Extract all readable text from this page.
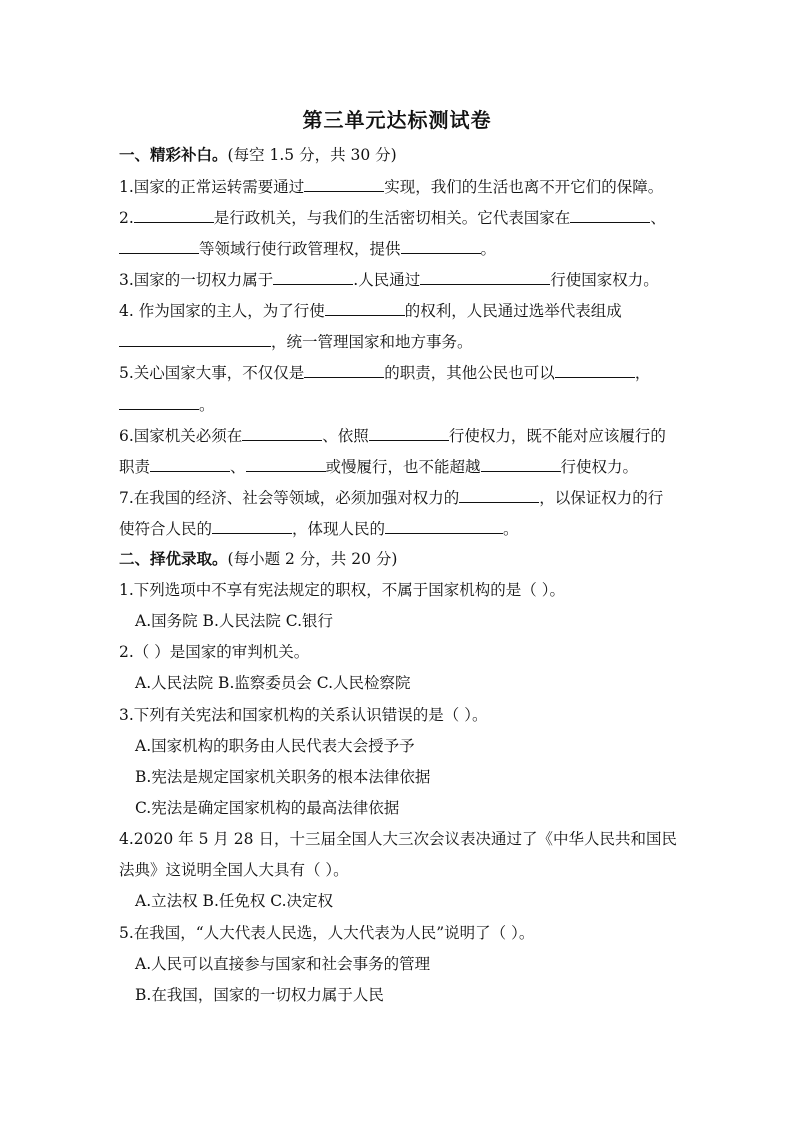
第三单元达标测试卷
一、精彩补白。(每空 1.5 分，共 30 分)
1.国家的正常运转需要通过	实现，我们的生活也离不开它们的保障。
2.	是行政机关，与我们的生活密切相关。它代表国家在	、
等领域行使行政管理权，提供	。
3.国家的一切权力属于	.人民通过	行使国家权力。
4. 作为国家的主人，为了行使	的权利，人民通过选举代表组成
，统一管理国家和地方事务。
5.关心国家大事，不仅仅是	的职责，其他公民也可以	，
。
6.国家机关必须在	、依照	行使权力，既不能对应该履行的
职责	、	或慢履行，也不能超越	行使权力。
7.在我国的经济、社会等领域，必须加强对权力的	，以保证权力的行
使符合人民的	，体现人民的	。
二、择优录取。(每小题 2 分，共 20 分)
1.下列选项中不享有宪法规定的职权，不属于国家机构的是（ ）。
A.国务院 B.人民法院 C.银行
2.（ ）是国家的审判机关。
A.人民法院 B.监察委员会 C.人民检察院
3.下列有关宪法和国家机构的关系认识错误的是（ ）。
A.国家机构的职务由人民代表大会授予予
B.宪法是规定国家机关职务的根本法律依据
C.宪法是确定国家机构的最高法律依据
4.2020 年 5 月 28 日，十三届全国人大三次会议表决通过了《中华人民共和国民
法典》这说明全国人大具有（ ）。
A.立法权 B.任免权 C.决定权
5.在我国，“人大代表人民选，人大代表为人民”说明了（ ）。
A.人民可以直接参与国家和社会事务的管理
B.在我国，国家的一切权力属于人民
